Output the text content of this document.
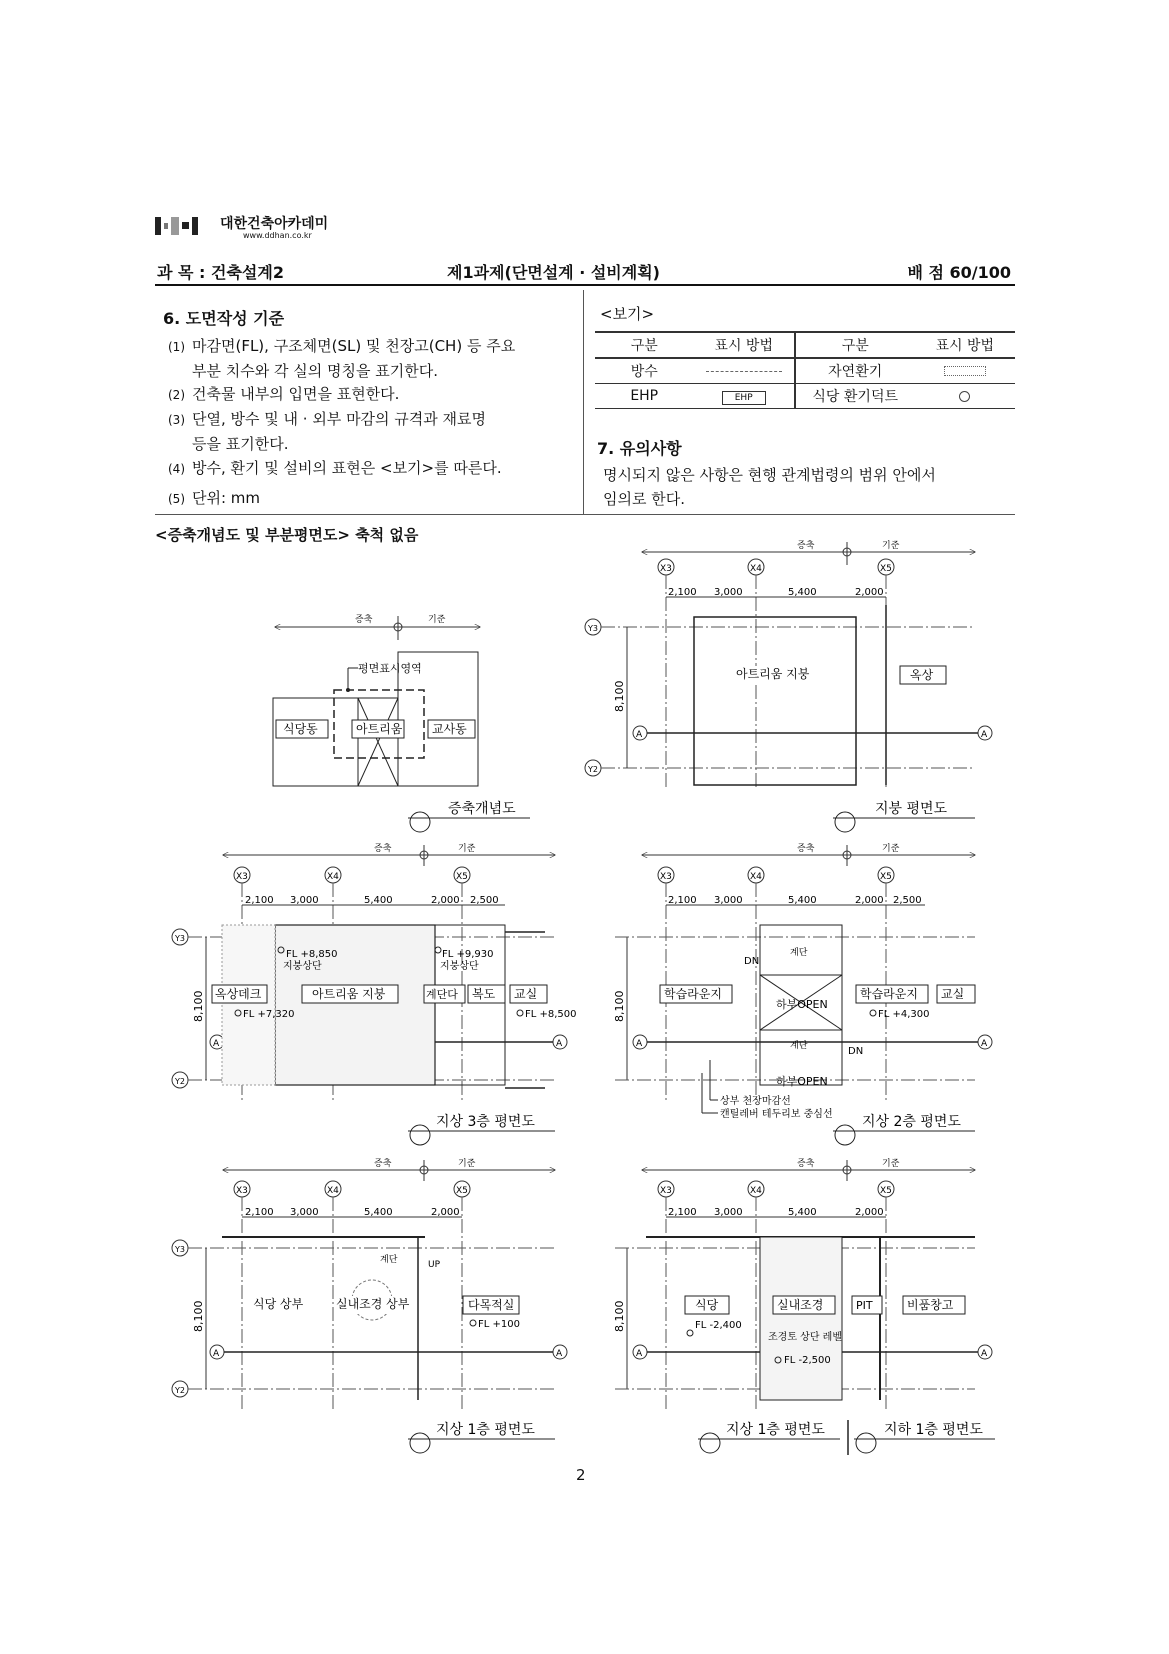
대한건축아카데미
www.ddhan.co.kr
과 목 : 건축설계2	제1과제(단면설계 · 설비계획)	배 점 60/100
6. 도면작성 기준
(1) 마감면(FL), 구조체면(SL) 및 천장고(CH) 등 주요
부분 치수와 각 실의 명칭을 표기한다.
(2) 건축물 내부의 입면을 표현한다.
(3) 단열, 방수 및 내 · 외부 마감의 규격과 재료명
등을 표기한다.
(4) 방수, 환기 및 설비의 표현은 <보기>를 따른다.
(5) 단위: mm
<보기>
구분	표시 방법	구분	표시 방법
방수		자연환기	
EHP	EHP	식당 환기덕트	
7. 유의사항
명시되지 않은 사항은 현행 관계법령의 범위 안에서
임의로 한다.
<증축개념도 및 부분평면도> 축척 없음
증축	기준
평면표시영역
식당동	아트리움 교사동
증축개념도
증축	기준
X3	X4	X5
2,100 3,000	5,400	2,000
Y3
Y2
8,100
A	A
아트리움 지붕	옥상
지붕 평면도
증축	기준
X3	X4	X5
2,100 3,000	5,400	2,000 2,500
Y3
Y2
8,100
A	A
FL +8,850
지붕상단
FL +9,930
지붕상단
옥상데크	아트리움 지붕	계단다 복도 교실
FL +7,320	FL +8,500
지상 3층 평면도
증축	기준
X3	X4	X5
2,100 3,000	5,400	2,000 2,500
8,100
A	A
계단
DN
하부OPEN
계단	DN
하부OPEN
학습라운지	학습라운지 교실
FL +4,300
상부 천장마감선
캔틸레버 테두리보 중심선 지상 2층 평면도
증축	기준
X3	X4	X5
2,100 3,000	5,400	2,000
Y3
Y2
8,100
A	A
계단	UP
식당 상부	실내조경 상부	다목적실
FL +100
지상 1층 평면도
증축	기준
X3	X4	X5
2,100 3,000	5,400	2,000
8,100
A	A
식당	실내조경	PIT	비품창고
FL -2,400
조경토 상단 레벨
FL -2,500
지상 1층 평면도	지하 1층 평면도
2
